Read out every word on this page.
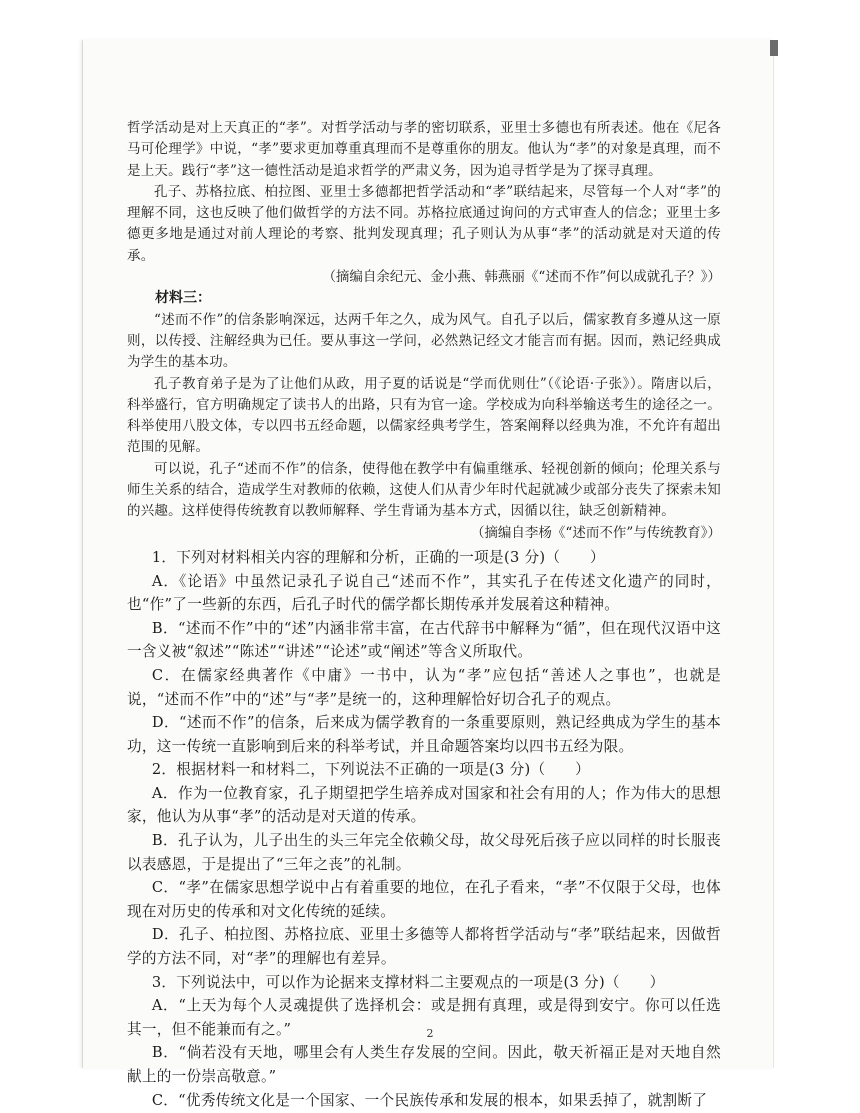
哲学活动是对上天真正的“孝”。对哲学活动与孝的密切联系，亚里士多德也有所表述。他在《尼各马可伦理学》中说，“孝”要求更加尊重真理而不是尊重你的朋友。他认为“孝”的对象是真理，而不是上天。践行“孝”这一德性活动是追求哲学的严肃义务，因为追寻哲学是为了探寻真理。

孔子、苏格拉底、柏拉图、亚里士多德都把哲学活动和“孝”联结起来，尽管每一个人对“孝”的理解不同，这也反映了他们做哲学的方法不同。苏格拉底通过询问的方式审查人的信念；亚里士多德更多地是通过对前人理论的考察、批判发现真理；孔子则认为从事“孝”的活动就是对天道的传承。

（摘编自余纪元、金小燕、韩燕丽《“述而不作”何以成就孔子？》）

材料三：

“述而不作”的信条影响深远，达两千年之久，成为风气。自孔子以后，儒家教育多遵从这一原则，以传授、注解经典为已任。要从事这一学问，必然熟记经文才能言而有据。因而，熟记经典成为学生的基本功。

孔子教育弟子是为了让他们从政，用子夏的话说是“学而优则仕”（《论语·子张》）。隋唐以后，科举盛行，官方明确规定了读书人的出路，只有为官一途。学校成为向科举输送考生的途径之一。科举使用八股文体，专以四书五经命题，以儒家经典考学生，答案阐释以经典为准，不允许有超出范围的见解。

可以说，孔子“述而不作”的信条，使得他在教学中有偏重继承、轻视创新的倾向；伦理关系与师生关系的结合，造成学生对教师的依赖，这使人们从青少年时代起就减少或部分丧失了探索未知的兴趣。这样使得传统教育以教师解释、学生背诵为基本方式，因循以往，缺乏创新精神。

（摘编自李杨《“述而不作”与传统教育》）

1．下列对材料相关内容的理解和分析，正确的一项是(3 分)（　　）

A．《论语》中虽然记录孔子说自己“述而不作”，其实孔子在传述文化遗产的同时，也“作”了一些新的东西，后孔子时代的儒学都长期传承并发展着这种精神。

B．“述而不作”中的“述”内涵非常丰富，在古代辞书中解释为“循”，但在现代汉语中这一含义被“叙述”“陈述”“讲述”“论述”或“阐述”等含义所取代。

C．在儒家经典著作《中庸》一书中，认为“孝”应包括“善述人之事也”，也就是说，“述而不作”中的“述”与“孝”是统一的，这种理解恰好切合孔子的观点。

D．“述而不作”的信条，后来成为儒学教育的一条重要原则，熟记经典成为学生的基本功，这一传统一直影响到后来的科举考试，并且命题答案均以四书五经为限。

2．根据材料一和材料二，下列说法不正确的一项是(3 分)（　　）

A．作为一位教育家，孔子期望把学生培养成对国家和社会有用的人；作为伟大的思想家，他认为从事“孝”的活动是对天道的传承。

B．孔子认为，儿子出生的头三年完全依赖父母，故父母死后孩子应以同样的时长服丧以表感恩，于是提出了“三年之丧”的礼制。

C．“孝”在儒家思想学说中占有着重要的地位，在孔子看来，“孝”不仅限于父母，也体现在对历史的传承和对文化传统的延续。

D．孔子、柏拉图、苏格拉底、亚里士多德等人都将哲学活动与“孝”联结起来，因做哲学的方法不同，对“孝”的理解也有差异。

3．下列说法中，可以作为论据来支撑材料二主要观点的一项是(3 分)（　　）

A．“上天为每个人灵魂提供了选择机会：或是拥有真理，或是得到安宁。你可以任选其一，但不能兼而有之。”

B．“倘若没有天地，哪里会有人类生存发展的空间。因此，敬天祈福正是对天地自然献上的一份崇高敬意。”

C．“优秀传统文化是一个国家、一个民族传承和发展的根本，如果丢掉了，就割断了

2
